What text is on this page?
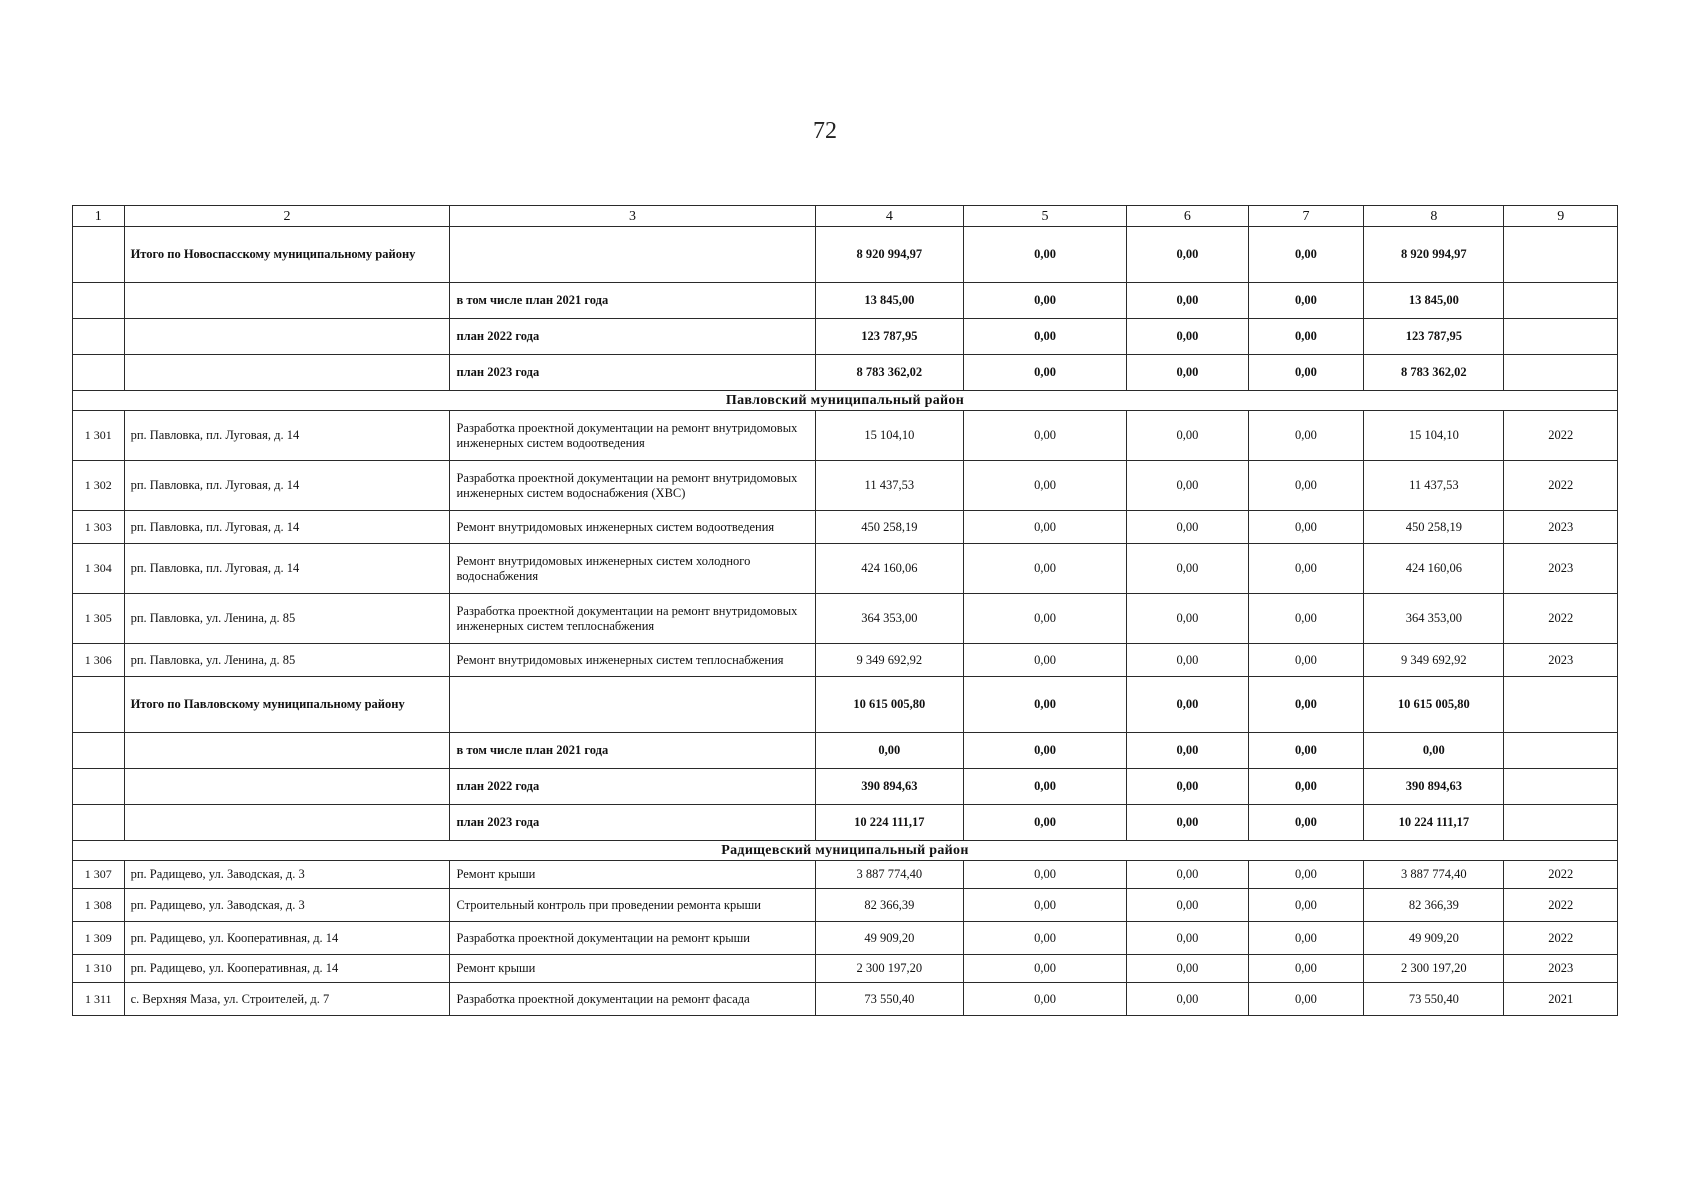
72
1	2	3	4	5	6	7	8	9
	Итого по Новоспасскому муниципальному району		8 920 994,97	0,00	0,00	0,00	8 920 994,97	
		в том числе план 2021 года	13 845,00	0,00	0,00	0,00	13 845,00	
		план 2022 года	123 787,95	0,00	0,00	0,00	123 787,95	
		план 2023 года	8 783 362,02	0,00	0,00	0,00	8 783 362,02	
Павловский муниципальный район								
1 301	рп. Павловка, пл. Луговая, д. 14	Разработка проектной документации на ремонт внутридомовых инженерных систем водоотведения	15 104,10	0,00	0,00	0,00	15 104,10	2022
1 302	рп. Павловка, пл. Луговая, д. 14	Разработка проектной документации на ремонт внутридомовых инженерных систем водоснабжения (ХВС)	11 437,53	0,00	0,00	0,00	11 437,53	2022
1 303	рп. Павловка, пл. Луговая, д. 14	Ремонт внутридомовых инженерных систем водоотведения	450 258,19	0,00	0,00	0,00	450 258,19	2023
1 304	рп. Павловка, пл. Луговая, д. 14	Ремонт внутридомовых инженерных систем холодного водоснабжения	424 160,06	0,00	0,00	0,00	424 160,06	2023
1 305	рп. Павловка, ул. Ленина, д. 85	Разработка проектной документации на ремонт внутридомовых инженерных систем теплоснабжения	364 353,00	0,00	0,00	0,00	364 353,00	2022
1 306	рп. Павловка, ул. Ленина, д. 85	Ремонт внутридомовых инженерных систем теплоснабжения	9 349 692,92	0,00	0,00	0,00	9 349 692,92	2023
	Итого по Павловскому муниципальному району		10 615 005,80	0,00	0,00	0,00	10 615 005,80	
		в том числе план 2021 года	0,00	0,00	0,00	0,00	0,00	
		план 2022 года	390 894,63	0,00	0,00	0,00	390 894,63	
		план 2023 года	10 224 111,17	0,00	0,00	0,00	10 224 111,17	
Радищевский муниципальный район								
1 307	рп. Радищево, ул. Заводская, д. 3	Ремонт крыши	3 887 774,40	0,00	0,00	0,00	3 887 774,40	2022
1 308	рп. Радищево, ул. Заводская, д. 3	Строительный контроль при проведении ремонта крыши	82 366,39	0,00	0,00	0,00	82 366,39	2022
1 309	рп. Радищево, ул. Кооперативная, д. 14	Разработка проектной документации на ремонт крыши	49 909,20	0,00	0,00	0,00	49 909,20	2022
1 310	рп. Радищево, ул. Кооперативная, д. 14	Ремонт крыши	2 300 197,20	0,00	0,00	0,00	2 300 197,20	2023
1 311	с. Верхняя Маза, ул. Строителей, д. 7	Разработка проектной документации на ремонт фасада	73 550,40	0,00	0,00	0,00	73 550,40	2021
